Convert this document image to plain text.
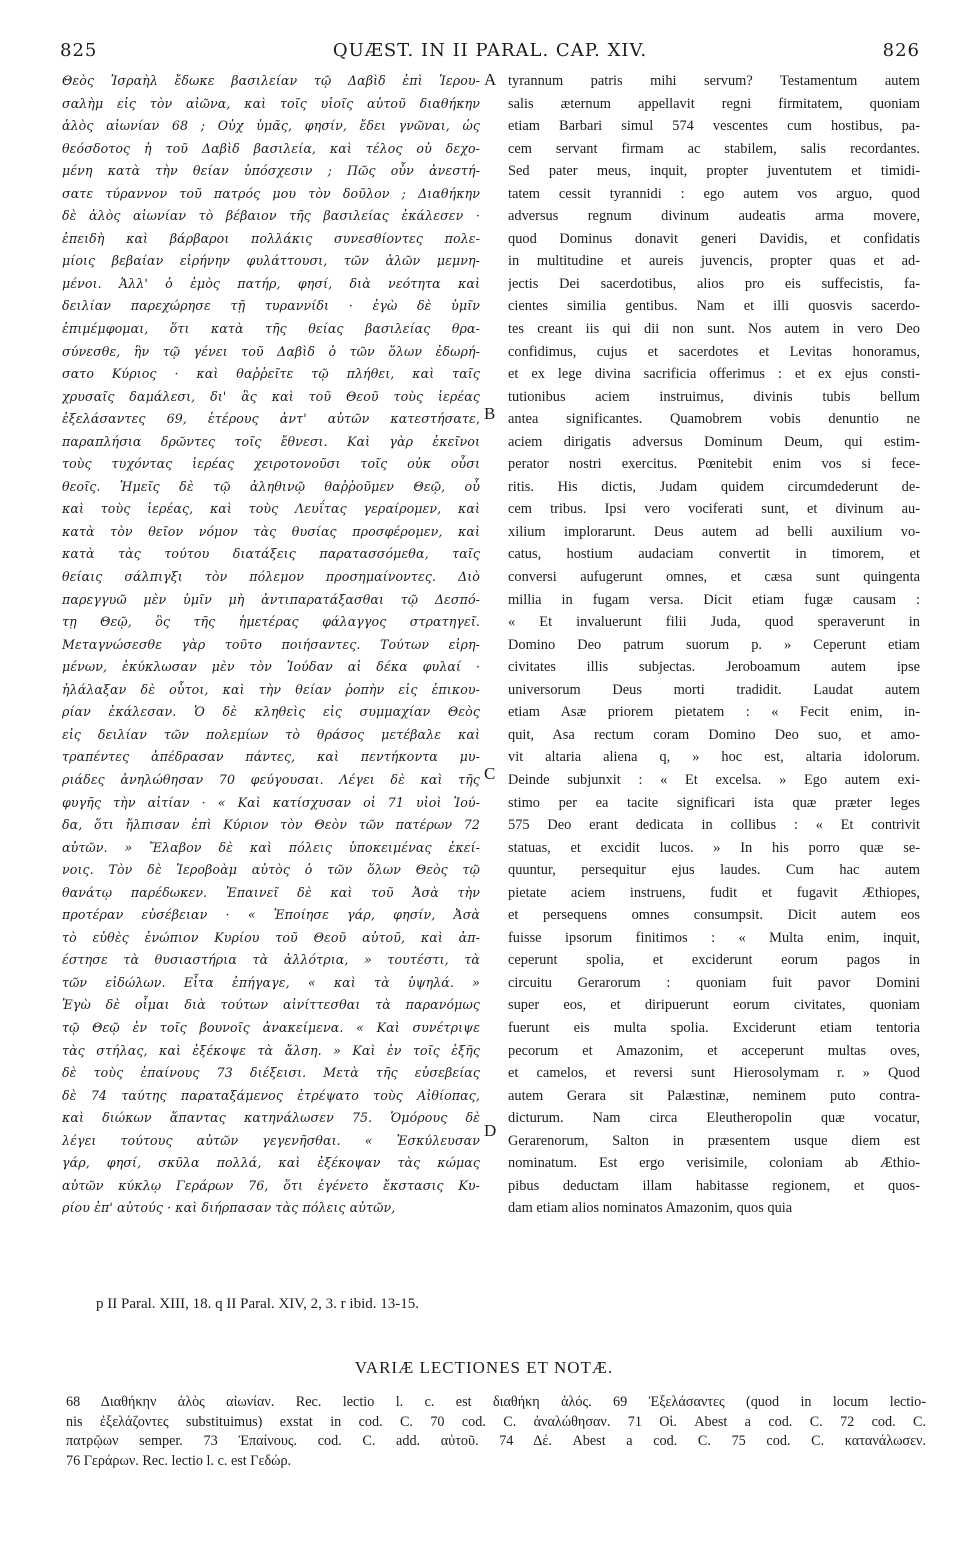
825	QUÆST. IN II PARAL. CAP. XIV.	826
Θεὸς Ἰσραὴλ ἔδωκε βασιλείαν τῷ Δαβὶδ ἐπὶ Ἱερου-
σαλὴμ εἰς τὸν αἰῶνα, καὶ τοῖς υἱοῖς αὐτοῦ διαθήκην
ἁλὸς αἰωνίαν 68 ; Οὐχ ὑμᾶς, φησίν, ἔδει γνῶναι, ὡς
θεόσδοτος ἡ τοῦ Δαβὶδ βασιλεία, καὶ τέλος οὐ δεχο-
μένη κατὰ τὴν θείαν ὑπόσχεσιν ; Πῶς οὖν ἀνεστή-
σατε τύραννον τοῦ πατρός μου τὸν δοῦλον ; Διαθήκην
δὲ ἁλὸς αἰωνίαν τὸ βέβαιον τῆς βασιλείας ἐκάλεσεν ·
ἐπειδὴ καὶ βάρβαροι πολλάκις συνεσθίοντες πολε-
μίοις βεβαίαν εἰρήνην φυλάττουσι, τῶν ἁλῶν μεμνη-
μένοι. Ἀλλ' ὁ ἐμὸς πατήρ, φησί, διὰ νεότητα καὶ
δειλίαν παρεχώρησε τῇ τυραννίδι · ἐγὼ δὲ ὑμῖν
ἐπιμέμφομαι, ὅτι κατὰ τῆς θείας βασιλείας θρα-
σύνεσθε, ἣν τῷ γένει τοῦ Δαβὶδ ὁ τῶν ὅλων ἐδωρή-
σατο Κύριος · καὶ θαῤῥεῖτε τῷ πλήθει, καὶ ταῖς
χρυσαῖς δαμάλεσι, δι' ἃς καὶ τοῦ Θεοῦ τοὺς ἱερέας
ἐξελάσαντες 69, ἑτέρους ἀντ' αὐτῶν κατεστήσατε,
παραπλήσια δρῶντες τοῖς ἔθνεσι. Καὶ γὰρ ἐκεῖνοι
τοὺς τυχόντας ἱερέας χειροτονοῦσι τοῖς οὐκ οὖσι
θεοῖς. Ἡμεῖς δὲ τῷ ἀληθινῷ θαῤῥοῦμεν Θεῷ, οὗ
καὶ τοὺς ἱερέας, καὶ τοὺς Λευΐτας γεραίρομεν, καὶ
κατὰ τὸν θεῖον νόμον τὰς θυσίας προσφέρομεν, καὶ
κατὰ τὰς τούτου διατάξεις παρατασσόμεθα, ταῖς
θείαις σάλπιγξι τὸν πόλεμον προσημαίνοντες. Διὸ
παρεγγυῶ μὲν ὑμῖν μὴ ἀντιπαρατάξασθαι τῷ Δεσπό-
τῃ Θεῷ, ὃς τῆς ἡμετέρας φάλαγγος στρατηγεῖ.
Μεταγνώσεσθε γὰρ τοῦτο ποιήσαντες. Τούτων εἰρη-
μένων, ἐκύκλωσαν μὲν τὸν Ἰούδαν αἱ δέκα φυλαί ·
ἠλάλαξαν δὲ οὗτοι, καὶ τὴν θείαν ῥοπὴν εἰς ἐπικου-
ρίαν ἐκάλεσαν. Ὁ δὲ κληθεὶς εἰς συμμαχίαν Θεὸς
εἰς δειλίαν τῶν πολεμίων τὸ θράσος μετέβαλε καὶ
τραπέντες ἀπέδρασαν πάντες, καὶ πεντήκοντα μυ-
ριάδες ἀνηλώθησαν 70 φεύγουσαι. Λέγει δὲ καὶ τῆς
φυγῆς τὴν αἰτίαν · « Καὶ κατίσχυσαν οἱ 71 υἱοὶ Ἰού-
δα, ὅτι ἤλπισαν ἐπὶ Κύριον τὸν Θεὸν τῶν πατέρων 72
αὐτῶν. » Ἔλαβον δὲ καὶ πόλεις ὑποκειμένας ἐκεί-
νοις. Τὸν δὲ Ἱεροβοὰμ αὐτὸς ὁ τῶν ὅλων Θεὸς τῷ
θανάτῳ παρέδωκεν. Ἐπαινεῖ δὲ καὶ τοῦ Ἀσὰ τὴν
προτέραν εὐσέβειαν · « Ἐποίησε γάρ, φησίν, Ἀσὰ
τὸ εὐθὲς ἐνώπιον Κυρίου τοῦ Θεοῦ αὐτοῦ, καὶ ἀπ-
έστησε τὰ θυσιαστήρια τὰ ἀλλότρια, » τουτέστι, τὰ
τῶν εἰδώλων. Εἶτα ἐπήγαγε, « καὶ τὰ ὑψηλά. »
Ἐγὼ δὲ οἶμαι διὰ τούτων αἰνίττεσθαι τὰ παρανόμως
τῷ Θεῷ ἐν τοῖς βουνοῖς ἀνακείμενα. « Καὶ συνέτριψε
τὰς στήλας, καὶ ἐξέκοψε τὰ ἄλση. » Καὶ ἐν τοῖς ἑξῆς
δὲ τοὺς ἐπαίνους 73 διέξεισι. Μετὰ τῆς εὐσεβείας
δὲ 74 ταύτης παραταξάμενος ἐτρέψατο τοὺς Αἰθίοπας,
καὶ διώκων ἅπαντας κατηνάλωσεν 75. Ὁμόρους δὲ
λέγει τούτους αὐτῶν γεγενῆσθαι. « Ἐσκύλευσαν
γάρ, φησί, σκῦλα πολλά, καὶ ἐξέκοψαν τὰς κώμας
αὐτῶν κύκλῳ Γεράρων 76, ὅτι ἐγένετο ἔκστασις Κυ-
ρίου ἐπ' αὐτούς · καὶ διήρπασαν τὰς πόλεις αὐτῶν,
tyrannum patris mihi servum? Testamentum autem
salis æternum appellavit regni firmitatem, quoniam
etiam Barbari simul 574 vescentes cum hostibus, pa-
cem servant firmam ac stabilem, salis recordantes.
Sed pater meus, inquit, propter juventutem et timidi-
tatem cessit tyrannidi : ego autem vos arguo, quod
adversus regnum divinum audeatis arma movere,
quod Dominus donavit generi Davidis, et confidatis
in multitudine et aureis juvencis, propter quas et ad-
jectis Dei sacerdotibus, alios pro eis suffecistis, fa-
cientes similia gentibus. Nam et illi quosvis sacerdo-
tes creant iis qui dii non sunt. Nos autem in vero Deo
confidimus, cujus et sacerdotes et Levitas honoramus,
et ex lege divina sacrificia offerimus : et ex ejus consti-
tutionibus aciem instruimus, divinis tubis bellum
antea significantes. Quamobrem vobis denuntio ne
aciem dirigatis adversus Dominum Deum, qui estim-
perator nostri exercitus. Pœnitebit enim vos si fece-
ritis. His dictis, Judam quidem circumdederunt de-
cem tribus. Ipsi vero vociferati sunt, et divinum au-
xilium implorarunt. Deus autem ad belli auxilium vo-
catus, hostium audaciam convertit in timorem, et
conversi aufugerunt omnes, et cæsa sunt quingenta
millia in fugam versa. Dicit etiam fugæ causam :
« Et invaluerunt filii Juda, quod speraverunt in
Domino Deo patrum suorum p. » Ceperunt etiam
civitates illis subjectas. Jeroboamum autem ipse
universorum Deus morti tradidit. Laudat autem
etiam Asæ priorem pietatem : « Fecit enim, in-
quit, Asa rectum coram Domino Deo suo, et amo-
vit altaria aliena q, » hoc est, altaria idolorum.
Deinde subjunxit : « Et excelsa. » Ego autem exi-
stimo per ea tacite significari ista quæ præter leges
575 Deo erant dedicata in collibus : « Et contrivit
statuas, et excidit lucos. » In his porro quæ se-
quuntur, persequitur ejus laudes. Cum hac autem
pietate aciem instruens, fudit et fugavit Æthiopes,
et persequens omnes consumpsit. Dicit autem eos
fuisse ipsorum finitimos : « Multa enim, inquit,
ceperunt spolia, et exciderunt eorum pagos in
circuitu Gerarorum : quoniam fuit pavor Domini
super eos, et diripuerunt eorum civitates, quoniam
fuerunt eis multa spolia. Exciderunt etiam tentoria
pecorum et Amazonim, et acceperunt multas oves,
et camelos, et reversi sunt Hierosolymam r. » Quod
autem Gerara sit Palæstinæ, neminem puto contra-
dicturum. Nam circa Eleutheropolin quæ vocatur,
Gerarenorum, Salton in præsentem usque diem est
nominatum. Est ergo verisimile, coloniam ab Æthio-
pibus deductam illam habitasse regionem, et quos-
dam etiam alios nominatos Amazonim, quos quia
A
B
C
D
p II Paral. XIII, 18. q II Paral. XIV, 2, 3. r ibid. 13-15.
VARIÆ LECTIONES ET NOTÆ.
68 Διαθήκην ἁλὸς αἰωνίαν. Rec. lectio l. c. est διαθήκη ἁλός. 69 Ἐξελάσαντες (quod in locum lectio-
nis ἐξελάζοντες substituimus) exstat in cod. C. 70 cod. C. ἀναλώθησαν. 71 Οἱ. Abest a cod. C. 72 cod. C.
πατρῷων semper. 73 Ἐπαίνους. cod. C. add. αὐτοῦ. 74 Δέ. Abest a cod. C. 75 cod. C. κατανάλωσεν.
76 Γεράρων. Rec. lectio l. c. est Γεδώρ.
